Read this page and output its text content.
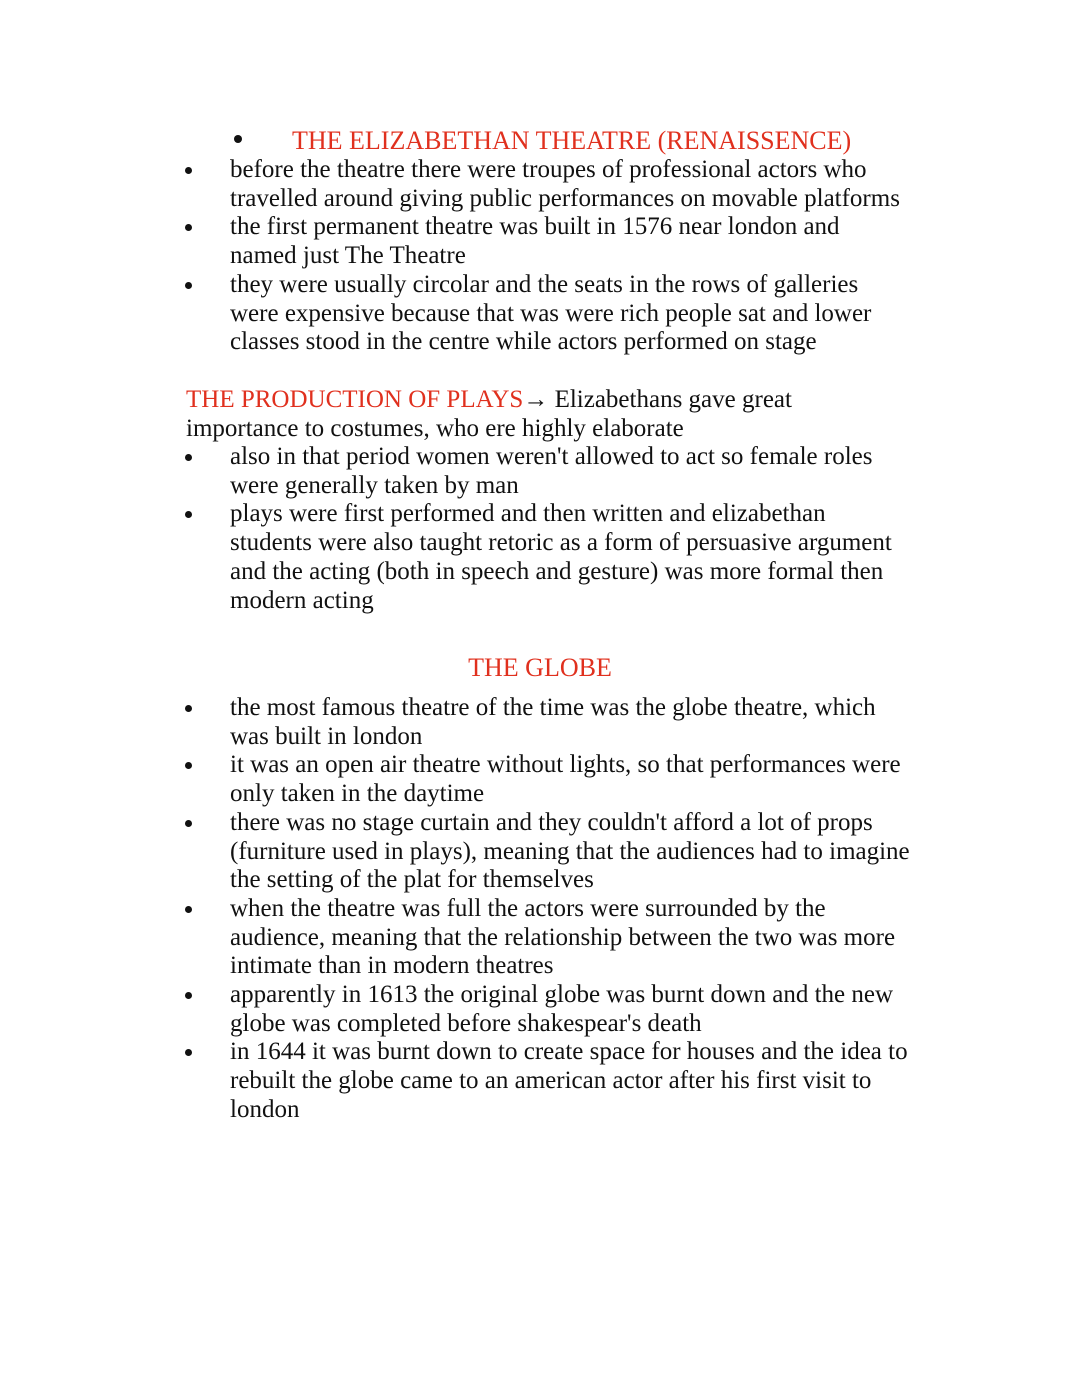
THE ELIZABETHAN THEATRE (RENAISSENCE)
before the theatre there were troupes of professional actors who travelled around giving public performances on movable platforms
the first permanent theatre was built in 1576 near london and named just The Theatre
they were usually circolar and the seats in the rows of galleries were expensive because that was were rich people sat and lower classes stood in the centre while actors performed on stage
THE PRODUCTION OF PLAYS→ Elizabethans gave great importance to costumes, who ere highly elaborate
also in that period women weren't allowed to act so female roles were generally taken by man
plays were first performed and then written and elizabethan students were also taught retoric as a form of persuasive argument and the acting (both in speech and gesture) was more formal then modern acting
THE GLOBE
the most famous theatre of the time was the globe theatre, which was built in london
it was an open air theatre without lights, so that performances were only taken in the daytime
there was no stage curtain and they couldn't afford a lot of props (furniture used in plays), meaning that the audiences had to imagine the setting of the plat for themselves
when the theatre was full the actors were surrounded by the audience, meaning that the relationship between the two was more intimate than in modern theatres
apparently in 1613 the original globe was burnt down and the new globe was completed before shakespear's death
in 1644 it was burnt down to create space for houses and the idea to rebuilt the globe came to an american actor after his first visit to london
